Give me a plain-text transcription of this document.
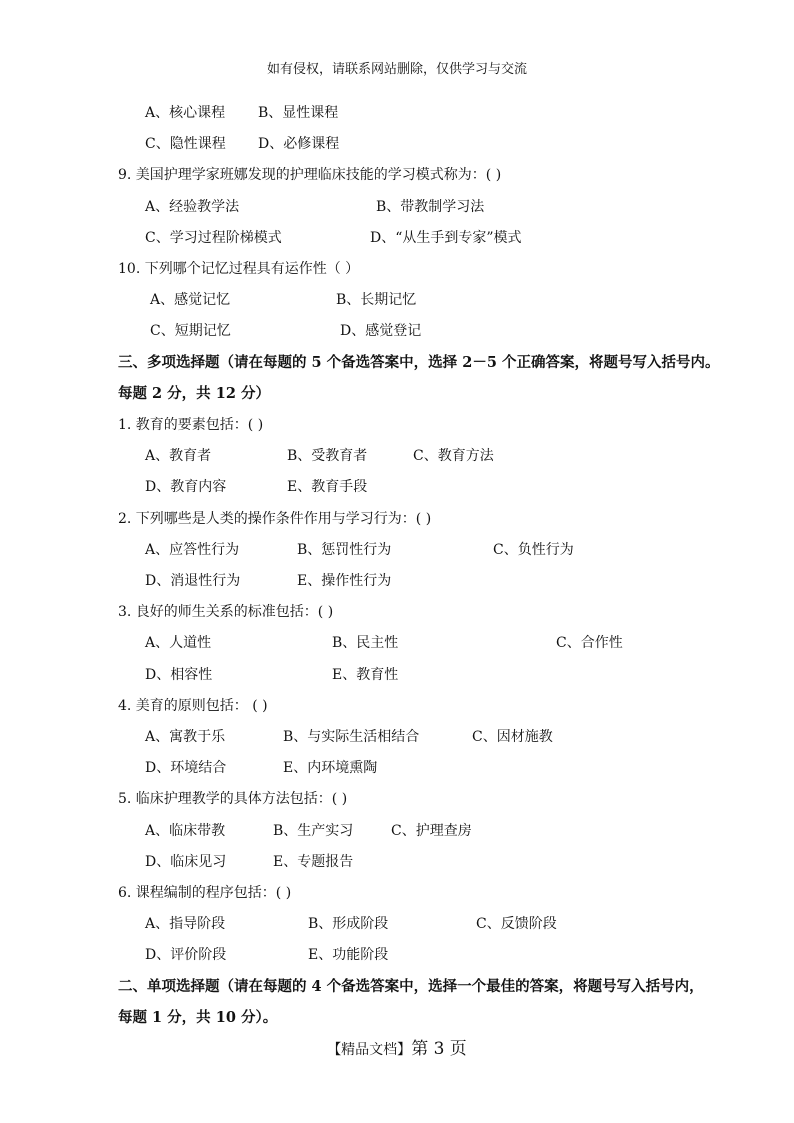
如有侵权，请联系网站删除，仅供学习与交流
A、核心课程 B、显性课程
C、隐性课程 D、必修课程
9. 美国护理学家班娜发现的护理临床技能的学习模式称为：( )
A、经验教学法	B、带教制学习法
C、学习过程阶梯模式	D、“从生手到专家”模式
10. 下列哪个记忆过程具有运作性（ ）
A、感觉记忆	B、长期记忆
C、短期记忆	D、感觉登记
三、多项选择题（请在每题的 5 个备选答案中，选择 2－5 个正确答案，将题号写入括号内。
每题 2 分，共 12 分）
1. 教育的要素包括：( )
A、教育者	B、受教育者	C、教育方法
D、教育内容	E、教育手段
2. 下列哪些是人类的操作条件作用与学习行为：( )
A、应答性行为	B、惩罚性行为	C、负性行为
D、消退性行为	E、操作性行为
3. 良好的师生关系的标准包括：( )
A、人道性	B、民主性	C、合作性
D、相容性	E、教育性
4. 美育的原则包括： ( )
A、寓教于乐	B、与实际生活相结合	C、因材施教
D、环境结合	E、内环境熏陶
5. 临床护理教学的具体方法包括：( )
A、临床带教	B、生产实习	C、护理查房
D、临床见习	E、专题报告
6. 课程编制的程序包括：( )
A、指导阶段	B、形成阶段	C、反馈阶段
D、评价阶段	E、功能阶段
二、单项选择题（请在每题的 4 个备选答案中，选择一个最佳的答案，将题号写入括号内，
每题 1 分，共 10 分）。
【精品文档】第 3 页
